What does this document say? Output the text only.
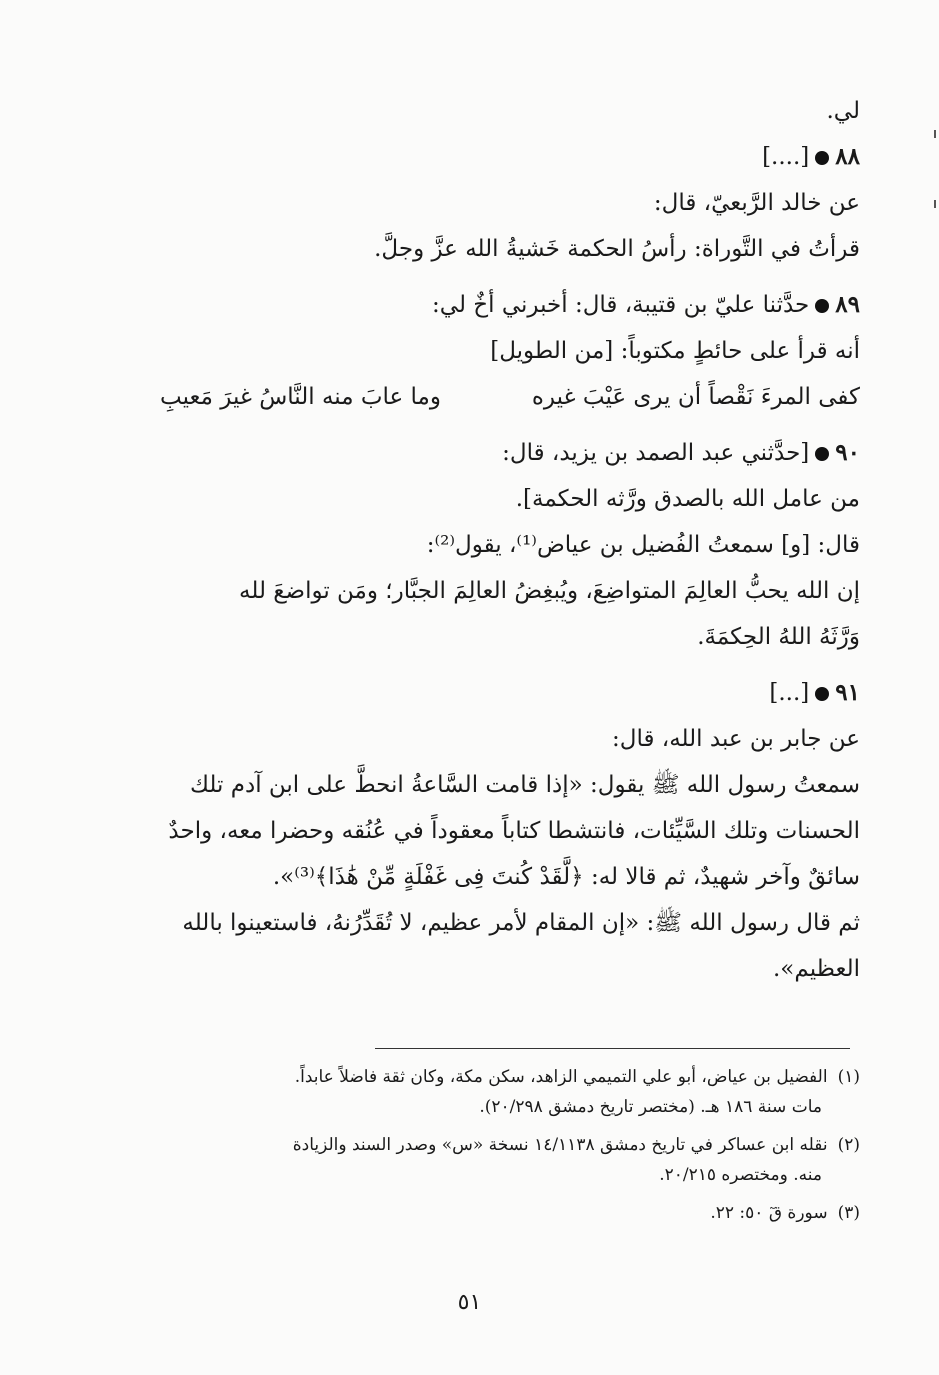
لي.
٨٨[....]
عن خالد الرَّبعيّ، قال:
قرأتُ في التَّوراة: رأسُ الحكمة خَشيةُ الله عزَّ وجلَّ.
٨٩حدَّثنا عليّ بن قتيبة، قال: أخبرني أخٌ لي:
أنه قرأ على حائطٍ مكتوباً: [من الطويل]
كفى المرءَ نَقْصاً أن يرى عَيْبَ غيره
وما عابَ منه النَّاسُ غيرَ مَعيبِ
٩٠[حدَّثني عبد الصمد بن يزيد، قال:
من عامل الله بالصدق ورَّثه الحكمة].
قال: [و] سمعتُ الفُضيل بن عياض⁽¹⁾، يقول⁽²⁾:
إن الله يحبُّ العالِمَ المتواضِعَ، ويُبغِضُ العالِمَ الجبَّار؛ ومَن تواضعَ لله
وَرَّثَهُ اللهُ الحِكمَةَ.
٩١[...]
عن جابر بن عبد الله، قال:
سمعتُ رسول الله ﷺ يقول: «إذا قامت السَّاعةُ انحطَّ على ابن آدم تلك
الحسنات وتلك السَّيِّئات، فانتشطا كتاباً معقوداً في عُنُقه وحضرا معه، واحدٌ
سائقٌ وآخر شهيدٌ، ثم قالا له: ﴿لَّقَدْ كُنتَ فِى غَفْلَةٍ مِّنْ هَٰذَا﴾⁽³⁾».
ثم قال رسول الله ﷺ: «إن المقام لأمر عظيم، لا تُقَدِّرُنهُ، فاستعينوا بالله
العظيم».
(١)الفضيل بن عياض، أبو علي التميمي الزاهد، سكن مكة، وكان ثقة فاضلاً عابداً.
مات سنة ١٨٦ هـ. (مختصر تاريخ دمشق ٢٠/٢٩٨).
(٢)نقله ابن عساكر في تاريخ دمشق ١٤/١١٣٨ نسخة «س» وصدر السند والزيادة
منه. ومختصره ٢٠/٢١٥.
(٣)سورة قٓ ٥٠: ٢٢.
٥١
